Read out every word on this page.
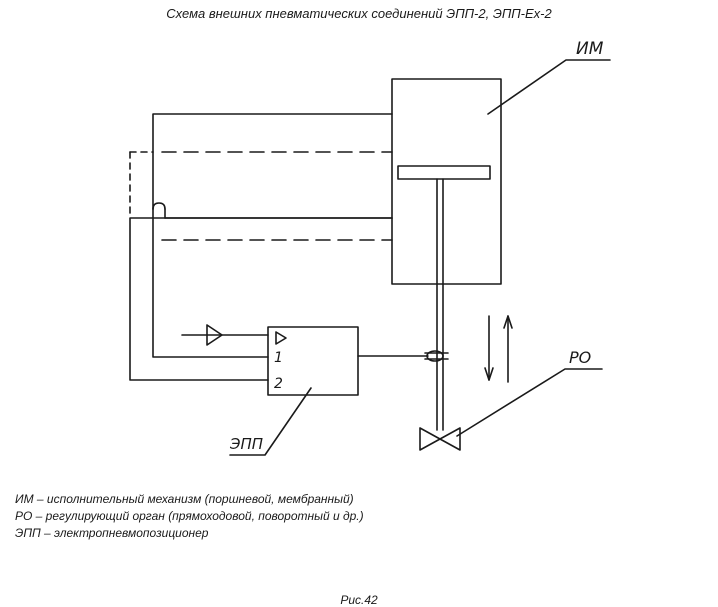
Схема внешних пневматических соединений ЭПП-2, ЭПП-Ex-2
ИМ
ЭПП
РО
1
2
ИМ – исполнительный механизм (поршневой, мембранный)
РО – регулирующий орган (прямоходовой, поворотный и др.)
ЭПП – электропневмопозиционер
Рис.42
